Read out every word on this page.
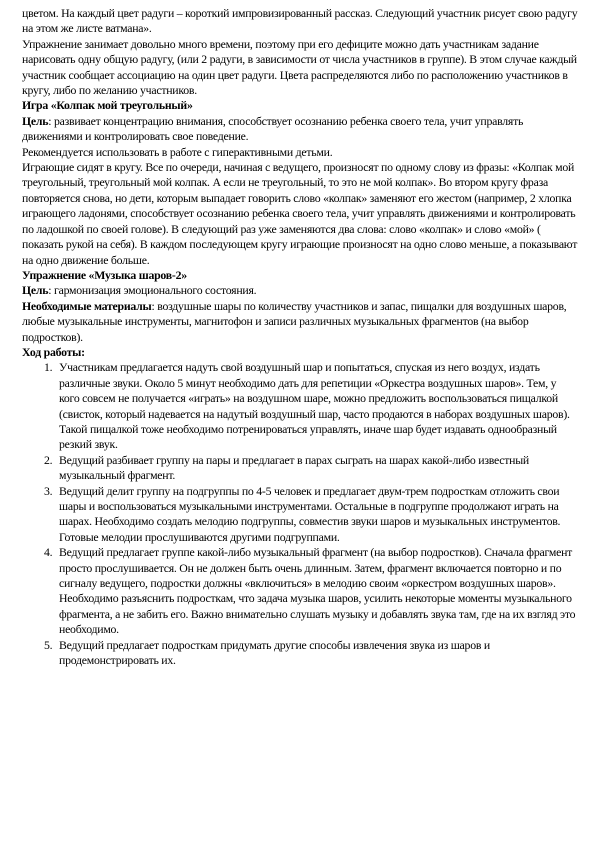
цветом. На каждый цвет радуги – короткий импровизированный рассказ. Следующий участник рисует свою радугу на этом же листе ватмана».

Упражнение занимает довольно много времени, поэтому при его дефиците можно дать участникам задание нарисовать одну общую радугу, (или 2 радуги, в зависимости от числа участников в группе). В этом случае каждый участник сообщает ассоциацию на один цвет радуги. Цвета распределяются либо по расположению участников в кругу, либо по желанию участников.

Игра «Колпак мой треугольный»

Цель: развивает концентрацию внимания, способствует осознанию ребенка своего тела, учит управлять движениями и контролировать свое поведение.

Рекомендуется использовать в работе с гиперактивными детьми.

Играющие сидят в кругу. Все по очереди, начиная с ведущего, произносят по одному слову из фразы: «Колпак мой треугольный, треугольный мой колпак. А если не треугольный, то это не мой колпак». Во втором кругу фраза повторяется снова, но дети, которым выпадает говорить слово «колпак» заменяют его жестом (например, 2 хлопка играющего ладонями, способствует осознанию ребенка своего тела, учит управлять движениями и контролировать по ладошкой по своей голове). В следующий раз уже заменяются два слова: слово «колпак» и слово «мой» ( показать рукой на себя). В каждом последующем кругу играющие произносят на одно слово меньше, а показывают на одно движение больше.

Упражнение «Музыка шаров-2»

Цель: гармонизация эмоционального состояния.

Необходимые материалы: воздушные шары по количеству участников и запас, пищалки для воздушных шаров, любые музыкальные инструменты, магнитофон и записи различных музыкальных фрагментов (на выбор подростков).

Ход работы:

1. Участникам предлагается надуть свой воздушный шар и попытаться, спуская из него воздух, издать различные звуки. Около 5 минут необходимо дать для репетиции «Оркестра воздушных шаров». Тем, у кого совсем не получается «играть» на воздушном шаре, можно предложить воспользоваться пищалкой (свисток, который надевается на надутый воздушный шар, часто продаются в наборах воздушных шаров). Такой пищалкой тоже необходимо потренироваться управлять, иначе шар будет издавать однообразный резкий звук.
2. Ведущий разбивает группу на пары и предлагает в парах сыграть на шарах какой-либо известный музыкальный фрагмент.
3. Ведущий делит группу на подгруппы по 4-5 человек и предлагает двум-трем подросткам отложить свои шары и воспользоваться музыкальными инструментами. Остальные в подгруппе продолжают играть на шарах. Необходимо создать мелодию подгруппы, совместив звуки шаров и музыкальных инструментов. Готовые мелодии прослушиваются другими подгруппами.
4. Ведущий предлагает группе какой-либо музыкальный фрагмент (на выбор подростков). Сначала фрагмент просто прослушивается. Он не должен быть очень длинным. Затем, фрагмент включается повторно и по сигналу ведущего, подростки должны «включиться» в мелодию своим «оркестром воздушных шаров». Необходимо разъяснить подросткам, что задача музыка шаров, усилить некоторые моменты музыкального фрагмента, а не забить его. Важно внимательно слушать музыку и добавлять звука там, где на их взгляд это необходимо.
5. Ведущий предлагает подросткам придумать другие способы извлечения звука из шаров и продемонстрировать их.
